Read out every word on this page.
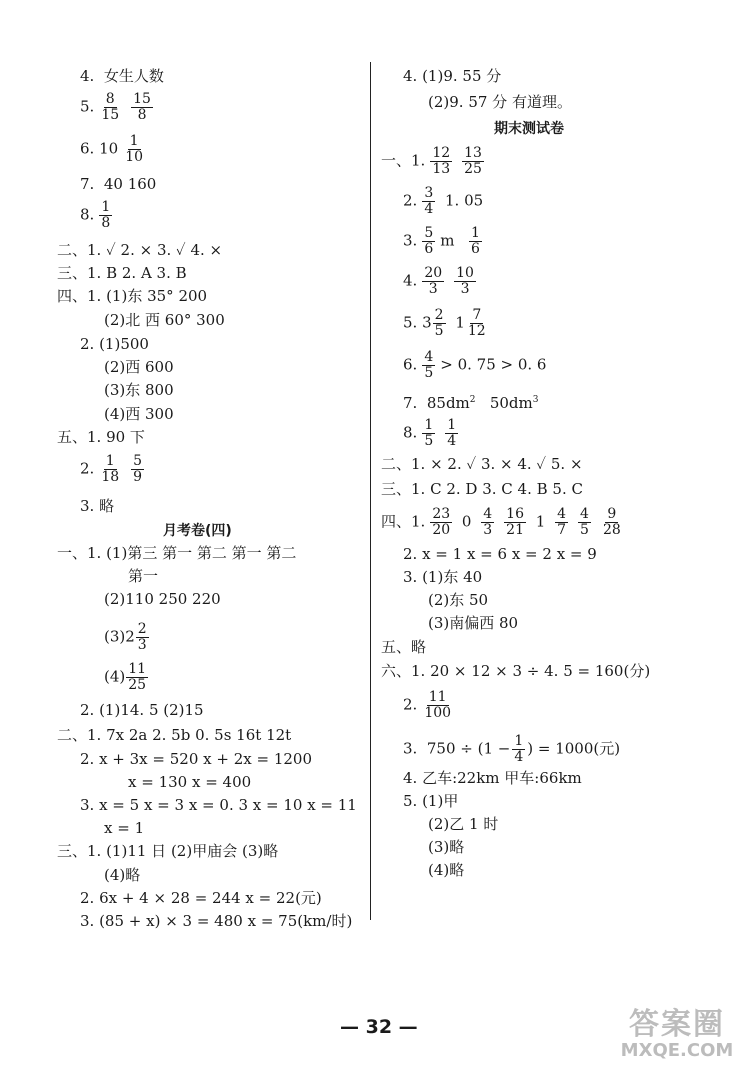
4. 女生人数
5. $\frac{8}{15} \frac{15}{8}$
6. $10 \frac{1}{10}$
7. 40 160
8. $\frac{1}{8}$
二、1. ✓ 2. × 3. ✓ 4. ×
三、1. B 2. A 3. B
四、1. (1)东 35° 200
(2)北 西 60° 300
2. (1)500
(2)西 600
(3)东 800
(4)西 300
五、1. 90 下
2. $\frac{1}{18} \frac{5}{9}$
3. 略
月考卷(四)
一、1. (1)第三 第一 第二 第一 第二
第一
(2)110 250 220
$(3)2 \frac{2}{3}$
$(4) \frac{11}{25}$
2. (1)14. 5 (2)15
二、1. 7x 2a 2. 5b 0. 5s 16t 12t
2. x + 3x = 520 x + 2x = 1200
x = 130 x = 400
3. x = 5 x = 3 x = 0. 3 x = 10 x = 11
x = 1
三、1. (1)11 日 (2)甲庙会 (3)略
(4)略
2. 6x + 4 × 28 = 244 x = 22(元)
3. (85 + x) × 3 = 480 x = 75(km/时)
4. (1)9. 55 分
(2)9. 57 分 有道理。
期末测试卷
一、1. $\frac{12}{13} \frac{13}{25}$
2. $\frac{3}{4} 1$. 05
3. $\frac{5}{6}$ m $\frac{1}{6}$
4. $\frac{20}{3} \frac{10}{3}$
5. $3 \frac{2}{5} 1 \frac{7}{12}$
6. $\frac{4}{5} > 0$. 75 > 0. 6
7. $85dm^2$ $50dm^3$
8. $\frac{1}{5} \frac{1}{4}$
二、1. × 2. ✓ 3. × 4. ✓ 5. ×
三、1. C 2. D 3. C 4. B 5. C
四、1. $\frac{23}{20} 0 \frac{4}{3} \frac{16}{21} 1 \frac{4}{7} \frac{4}{5} \frac{9}{28}$
2. x = 1 x = 6 x = 2 x = 9
3. (1)东 40
(2)东 50
(3)南偏西 80
五、略
六、1. 20 × 12 × 3 ÷ 4. 5 = 160(分)
2. $\frac{11}{100}$
3. $750 \div (1 - \frac{1}{4}$ ) = 1000(元)
4. 乙车:22km 甲车:66km
5. (1)甲
(2)乙 1 时
(3)略
(4)略
— 32 —	答案圈
MXQE.COM
